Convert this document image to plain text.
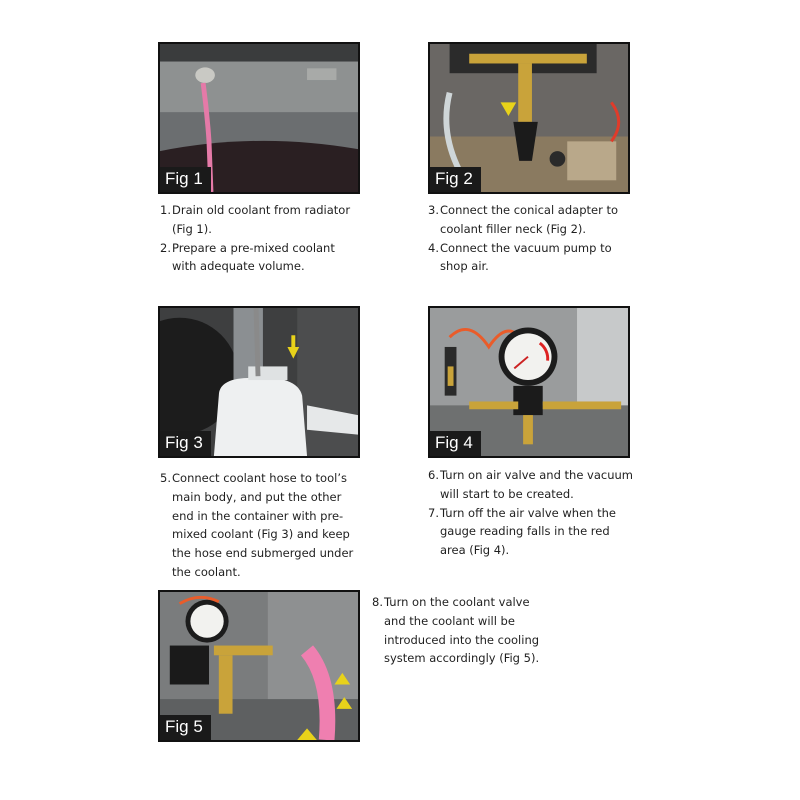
Fig 1	Fig 2
Fig 3	Fig 4
Fig 5
1.Drain old coolant from radiator (Fig 1).
2.Prepare a pre-mixed coolant with adequate volume.
3.Connect the conical adapter to coolant filler neck (Fig 2).
4.Connect the vacuum pump to shop air.
5.Connect coolant hose to tool’s main body, and put the other end in the container with pre-mixed coolant (Fig 3) and keep the hose end submerged under the coolant.
6.Turn on air valve and the vacuum will start to be created.
7.Turn off the air valve when the gauge reading falls in the red area (Fig 4).
8.Turn on the coolant valve and the coolant will be introduced into the cooling system accordingly (Fig 5).
